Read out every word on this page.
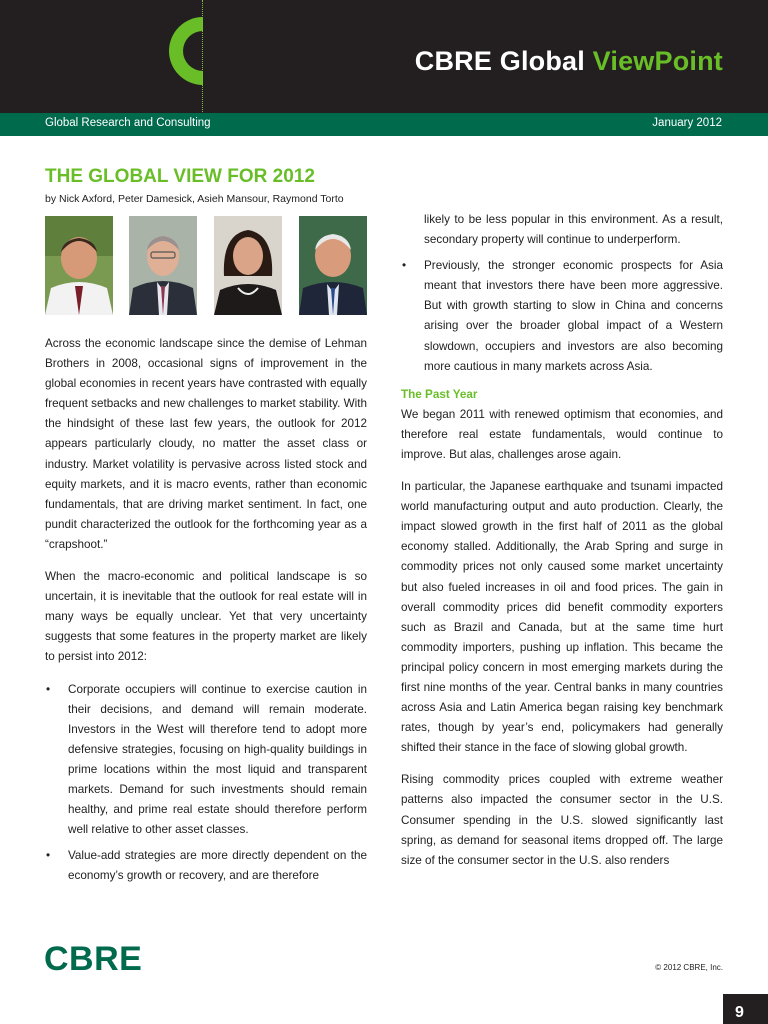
CBRE Global ViewPoint
Global Research and Consulting	January 2012
THE GLOBAL VIEW FOR 2012
by Nick Axford, Peter Damesick, Asieh Mansour, Raymond Torto

Across the economic landscape since the demise of Lehman Brothers in 2008, occasional signs of improvement in the global economies in recent years have contrasted with equally frequent setbacks and new challenges to market stability. With the hindsight of these last few years, the outlook for 2012 appears particularly cloudy, no matter the asset class or industry. Market volatility is pervasive across listed stock and equity markets, and it is macro events, rather than economic fundamentals, that are driving market sentiment. In fact, one pundit characterized the outlook for the forthcoming year as a “crapshoot.”

When the macro-economic and political landscape is so uncertain, it is inevitable that the outlook for real estate will in many ways be equally unclear. Yet that very uncertainty suggests that some features in the property market are likely to persist into 2012:

• Corporate occupiers will continue to exercise caution in their decisions, and demand will remain moderate. Investors in the West will therefore tend to adopt more defensive strategies, focusing on high-quality buildings in prime locations within the most liquid and transparent markets. Demand for such investments should remain healthy, and prime real estate should therefore perform well relative to other asset classes.
• Value-add strategies are more directly dependent on the economy’s growth or recovery, and are therefore
likely to be less popular in this environment. As a result, secondary property will continue to underperform.
• Previously, the stronger economic prospects for Asia meant that investors there have been more aggressive. But with growth starting to slow in China and concerns arising over the broader global impact of a Western slowdown, occupiers and investors are also becoming more cautious in many markets across Asia.
The Past Year

We began 2011 with renewed optimism that economies, and therefore real estate fundamentals, would continue to improve. But alas, challenges arose again.

In particular, the Japanese earthquake and tsunami impacted world manufacturing output and auto production. Clearly, the impact slowed growth in the first half of 2011 as the global economy stalled. Additionally, the Arab Spring and surge in commodity prices not only caused some market uncertainty but also fueled increases in oil and food prices. The gain in overall commodity prices did benefit commodity exporters such as Brazil and Canada, but at the same time hurt commodity importers, pushing up inflation. This became the principal policy concern in most emerging markets during the first nine months of the year. Central banks in many countries across Asia and Latin America began raising key benchmark rates, though by year’s end, policymakers had generally shifted their stance in the face of slowing global growth.

Rising commodity prices coupled with extreme weather patterns also impacted the consumer sector in the U.S. Consumer spending in the U.S. slowed significantly last spring, as demand for seasonal items dropped off. The large size of the consumer sector in the U.S. also renders

CBRE	© 2012 CBRE, Inc.
9
